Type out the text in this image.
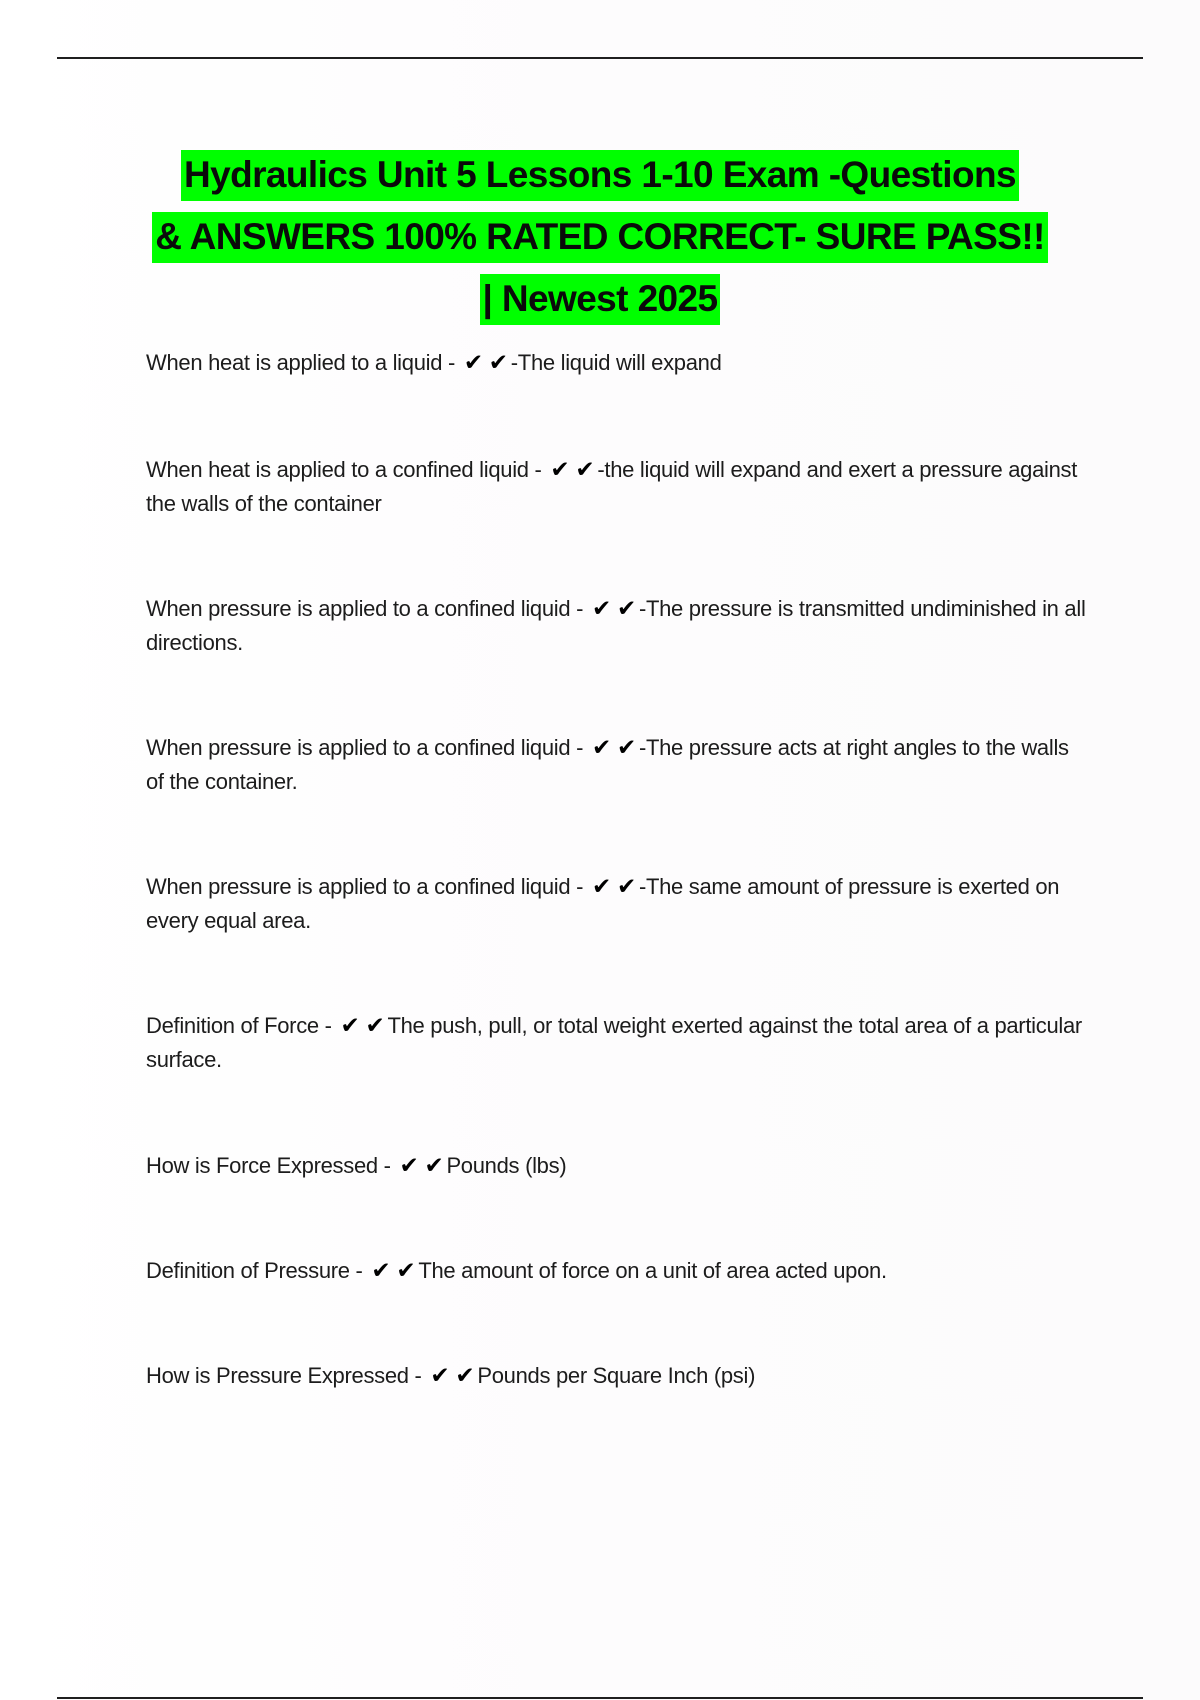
Hydraulics Unit 5 Lessons 1-10 Exam -Questions
& ANSWERS 100% RATED CORRECT- SURE PASS!!
| Newest 2025
When heat is applied to a liquid - ✔ ✔ -The liquid will expand
When heat is applied to a confined liquid - ✔ ✔ -the liquid will expand and exert a pressure against the walls of the container
When pressure is applied to a confined liquid - ✔ ✔ -The pressure is transmitted undiminished in all directions.
When pressure is applied to a confined liquid - ✔ ✔ -The pressure acts at right angles to the walls of the container.
When pressure is applied to a confined liquid - ✔ ✔ -The same amount of pressure is exerted on every equal area.
Definition of Force - ✔ ✔ The push, pull, or total weight exerted against the total area of a particular surface.
How is Force Expressed - ✔ ✔ Pounds (lbs)
Definition of Pressure - ✔ ✔ The amount of force on a unit of area acted upon.
How is Pressure Expressed - ✔ ✔ Pounds per Square Inch (psi)
